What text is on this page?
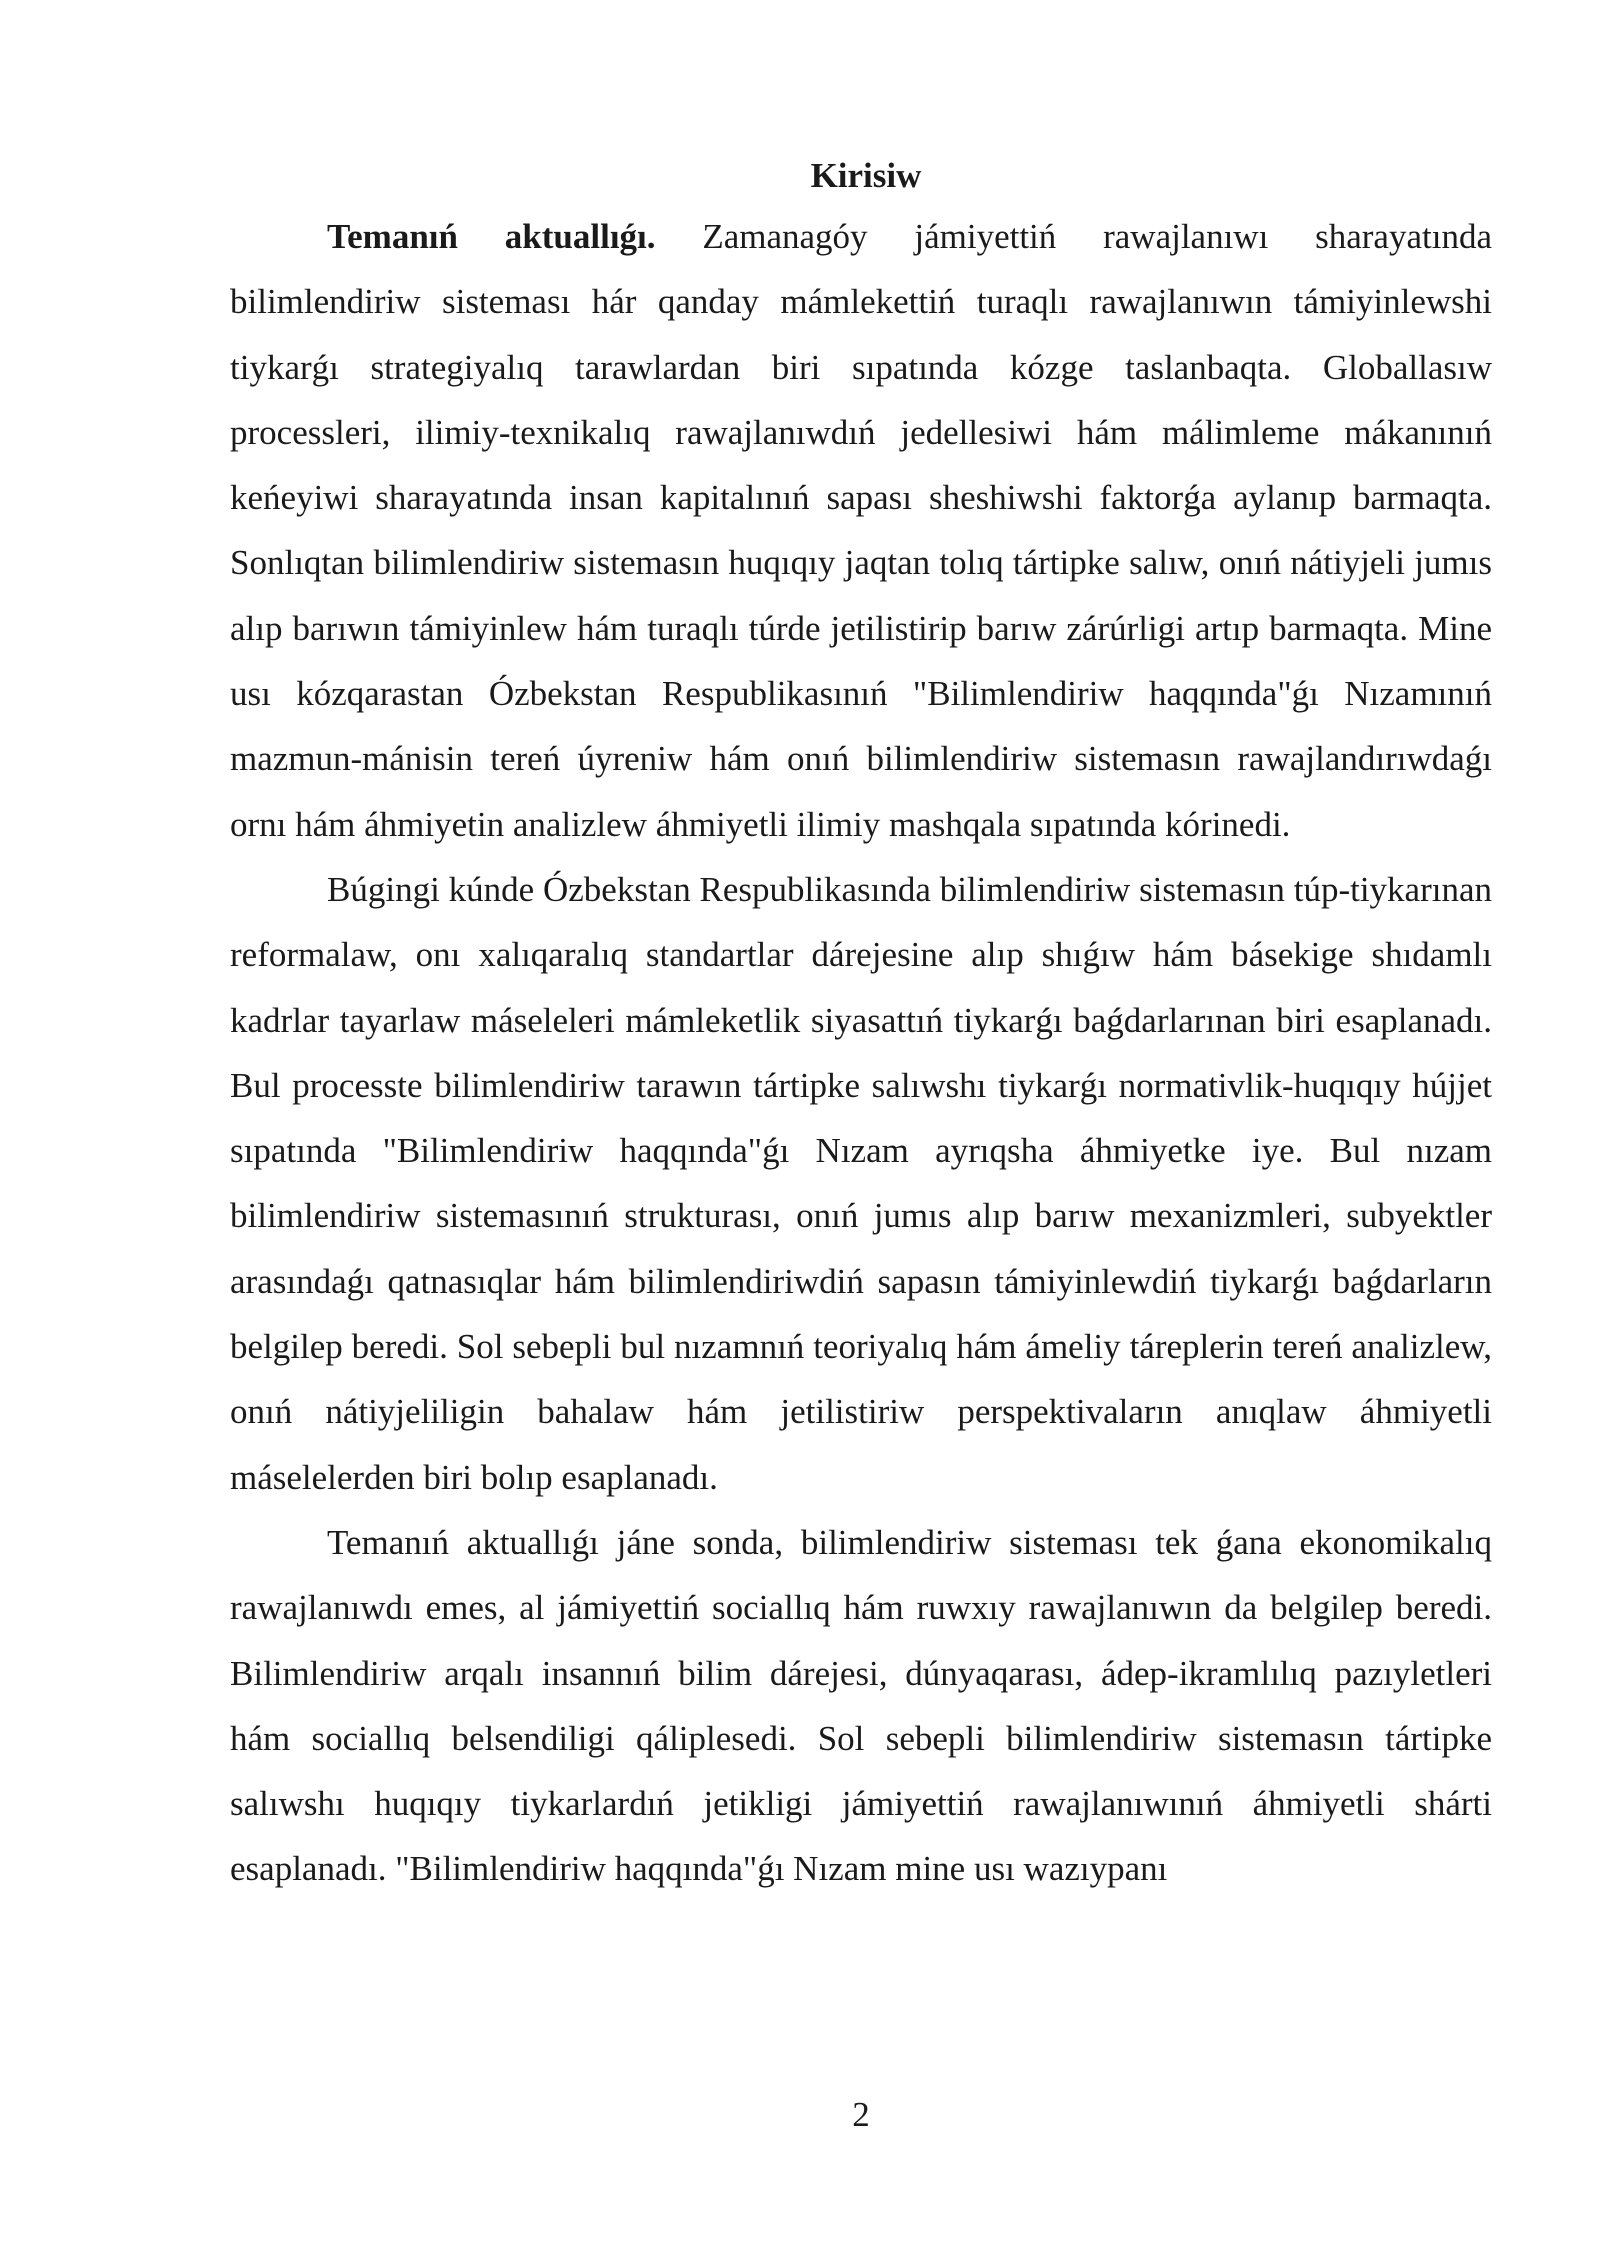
Kirisiw

Temanıń aktuallıǵı. Zamanagóy jámiyettiń rawajlanıwı sharayatında bilimlendiriw sisteması hár qanday mámlekettiń turaqlı rawajlanıwın támiyinlewshi tiykarǵı strategiyalıq tarawlardan biri sıpatında kózge taslanbaqta. Globallasıw processleri, ilimiy-texnikalıq rawajlanıwdıń jedellesiwi hám málimleme mákanınıń keńeyiwi sharayatında insan kapitalınıń sapası sheshiwshi faktorǵa aylanıp barmaqta. Sonlıqtan bilimlendiriw sistemasın huqıqıy jaqtan tolıq tártipke salıw, onıń nátiyjeli jumıs alıp barıwın támiyinlew hám turaqlı túrde jetilistirip barıw zárúrligi artıp barmaqta. Mine usı kózqarastan Ózbekstan Respublikasınıń "Bilimlendiriw haqqında"ǵı Nızamınıń mazmun-mánisin tereń úyreniw hám onıń bilimlendiriw sistemasın rawajlandırıwdaǵı ornı hám áhmiyetin analizlew áhmiyetli ilimiy mashqala sıpatında kórinedi.

Búgingi kúnde Ózbekstan Respublikasında bilimlendiriw sistemasın túp-tiykarınan reformalaw, onı xalıqaralıq standartlar dárejesine alıp shıǵıw hám básekige shıdamlı kadrlar tayarlaw máseleleri mámleketlik siyasattıń tiykarǵı baǵdarlarınan biri esaplanadı. Bul processte bilimlendiriw tarawın tártipke salıwshı tiykarǵı normativlik-huqıqıy hújjet sıpatında "Bilimlendiriw haqqında"ǵı Nızam ayrıqsha áhmiyetke iye. Bul nızam bilimlendiriw sistemasınıń strukturası, onıń jumıs alıp barıw mexanizmleri, subyektler arasındaǵı qatnasıqlar hám bilimlendiriwdiń sapasın támiyinlewdiń tiykarǵı baǵdarların belgilep beredi. Sol sebepli bul nızamnıń teoriyalıq hám ámeliy táreplerin tereń analizlew, onıń nátiyjeliligin bahalaw hám jetilistiriw perspektivaların anıqlaw áhmiyetli máselelerden biri bolıp esaplanadı.

Temanıń aktuallıǵı jáne sonda, bilimlendiriw sisteması tek ǵana ekonomikalıq rawajlanıwdı emes, al jámiyettiń sociallıq hám ruwxıy rawajlanıwın da belgilep beredi. Bilimlendiriw arqalı insannıń bilim dárejesi, dúnyaqarası, ádep-ikramlılıq pazıyletleri hám sociallıq belsendiligi qáliplesedi. Sol sebepli bilimlendiriw sistemasın tártipke salıwshı huqıqıy tiykarlardıń jetikligi jámiyettiń rawajlanıwınıń áhmiyetli shárti esaplanadı. "Bilimlendiriw haqqında"ǵı Nızam mine usı wazıypanı

2
